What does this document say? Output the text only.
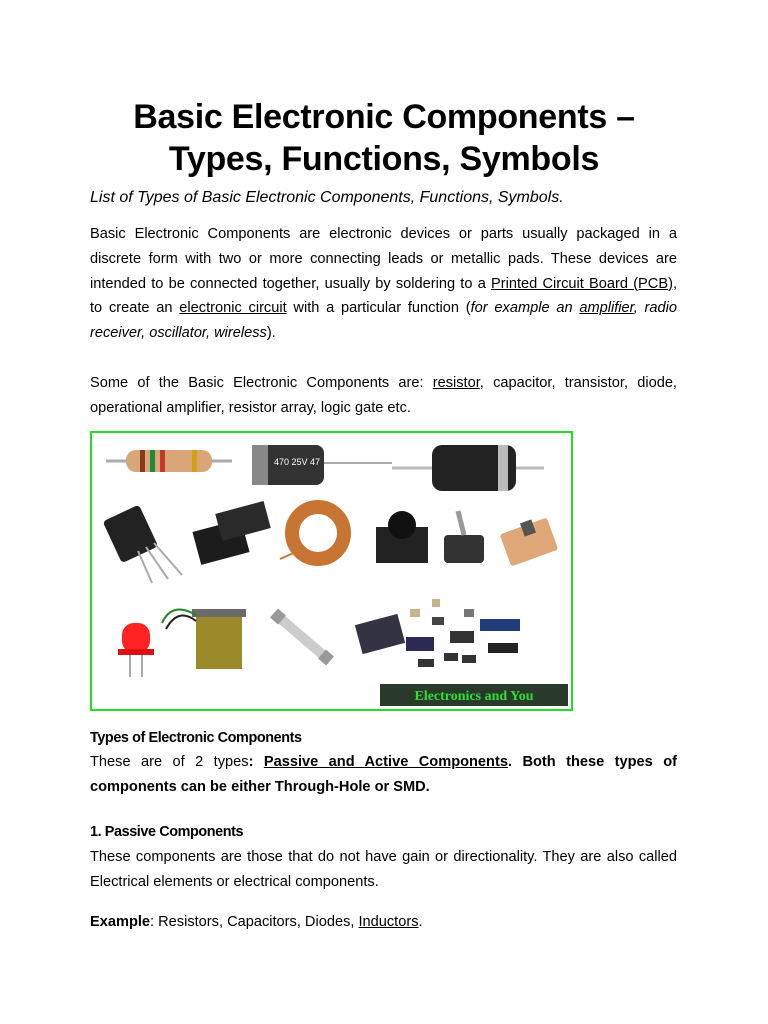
Basic Electronic Components –
Types, Functions, Symbols

List of Types of Basic Electronic Components, Functions, Symbols.

Basic Electronic Components are electronic devices or parts usually packaged in a discrete form with two or more connecting leads or metallic pads. These devices are intended to be connected together, usually by soldering to a Printed Circuit Board (PCB), to create an electronic circuit with a particular function (for example an amplifier, radio receiver, oscillator, wireless).

Some of the Basic Electronic Components are: resistor, capacitor, transistor, diode, operational amplifier, resistor array, logic gate etc.

470 25V 47
Electronics and You

Types of Electronic Components

These are of 2 types: Passive and Active Components. Both these types of components can be either Through-Hole or SMD.

1. Passive Components

These components are those that do not have gain or directionality. They are also called Electrical elements or electrical components.

Example: Resistors, Capacitors, Diodes, Inductors.
